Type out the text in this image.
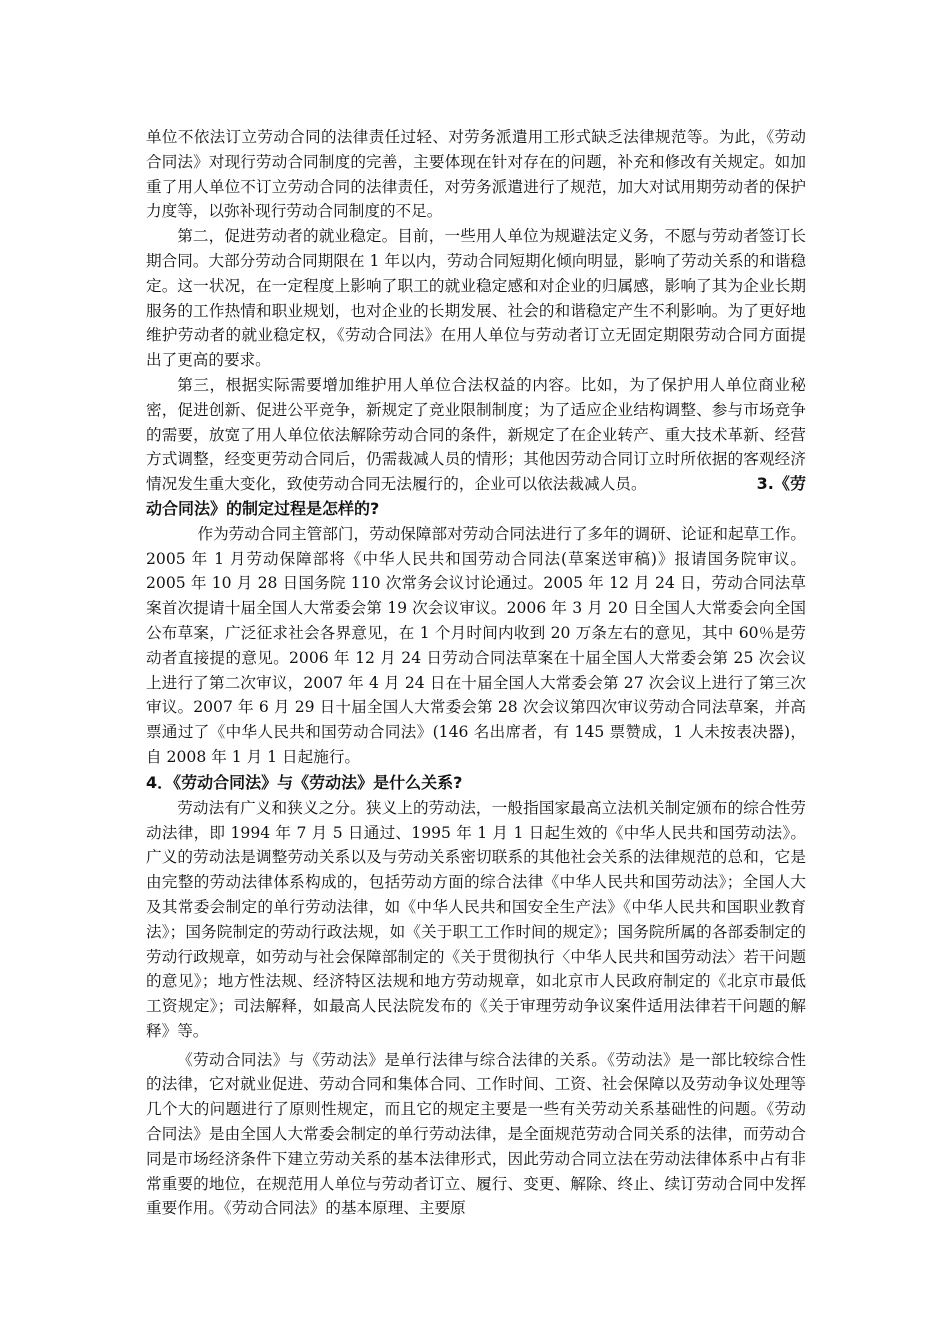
单位不依法订立劳动合同的法律责任过轻、对劳务派遣用工形式缺乏法律规范等。为此，《劳动合同法》对现行劳动合同制度的完善，主要体现在针对存在的问题，补充和修改有关规定。如加重了用人单位不订立劳动合同的法律责任，对劳务派遣进行了规范，加大对试用期劳动者的保护力度等，以弥补现行劳动合同制度的不足。

第二，促进劳动者的就业稳定。目前，一些用人单位为规避法定义务，不愿与劳动者签订长期合同。大部分劳动合同期限在 1 年以内，劳动合同短期化倾向明显，影响了劳动关系的和谐稳定。这一状况，在一定程度上影响了职工的就业稳定感和对企业的归属感，影响了其为企业长期服务的工作热情和职业规划，也对企业的长期发展、社会的和谐稳定产生不利影响。为了更好地维护劳动者的就业稳定权，《劳动合同法》在用人单位与劳动者订立无固定期限劳动合同方面提出了更高的要求。

第三，根据实际需要增加维护用人单位合法权益的内容。比如，为了保护用人单位商业秘密，促进创新、促进公平竞争，新规定了竞业限制制度；为了适应企业结构调整、参与市场竞争的需要，放宽了用人单位依法解除劳动合同的条件，新规定了在企业转产、重大技术革新、经营方式调整，经变更劳动合同后，仍需裁减人员的情形；其他因劳动合同订立时所依据的客观经济情况发生重大变化，致使劳动合同无法履行的，企业可以依法裁减人员。	3.《劳动合同法》的制定过程是怎样的?

作为劳动合同主管部门，劳动保障部对劳动合同法进行了多年的调研、论证和起草工作。2005 年 1 月劳动保障部将《中华人民共和国劳动合同法(草案送审稿)》报请国务院审议。2005 年 10 月 28 日国务院 110 次常务会议讨论通过。2005 年 12 月 24 日，劳动合同法草案首次提请十届全国人大常委会第 19 次会议审议。2006 年 3 月 20 日全国人大常委会向全国公布草案，广泛征求社会各界意见，在 1 个月时间内收到 20 万条左右的意见，其中 60％是劳动者直接提的意见。2006 年 12 月 24 日劳动合同法草案在十届全国人大常委会第 25 次会议上进行了第二次审议，2007 年 4 月 24 日在十届全国人大常委会第 27 次会议上进行了第三次审议。2007 年 6 月 29 日十届全国人大常委会第 28 次会议第四次审议劳动合同法草案，并高票通过了《中华人民共和国劳动合同法》(146 名出席者，有 145 票赞成，1 人未按表决器)，自 2008 年 1 月 1 日起施行。

4．《劳动合同法》与《劳动法》是什么关系?

劳动法有广义和狭义之分。狭义上的劳动法，一般指国家最高立法机关制定颁布的综合性劳动法律，即 1994 年 7 月 5 日通过、1995 年 1 月 1 日起生效的《中华人民共和国劳动法》。广义的劳动法是调整劳动关系以及与劳动关系密切联系的其他社会关系的法律规范的总和，它是由完整的劳动法律体系构成的，包括劳动方面的综合法律《中华人民共和国劳动法》；全国人大及其常委会制定的单行劳动法律，如《中华人民共和国安全生产法》《中华人民共和国职业教育法》；国务院制定的劳动行政法规，如《关于职工工作时间的规定》；国务院所属的各部委制定的劳动行政规章，如劳动与社会保障部制定的《关于贯彻执行〈中华人民共和国劳动法〉若干问题的意见》；地方性法规、经济特区法规和地方劳动规章，如北京市人民政府制定的《北京市最低工资规定》；司法解释，如最高人民法院发布的《关于审理劳动争议案件适用法律若干问题的解释》等。

《劳动合同法》与《劳动法》是单行法律与综合法律的关系。《劳动法》是一部比较综合性的法律，它对就业促进、劳动合同和集体合同、工作时间、工资、社会保障以及劳动争议处理等几个大的问题进行了原则性规定，而且它的规定主要是一些有关劳动关系基础性的问题。《劳动合同法》是由全国人大常委会制定的单行劳动法律，是全面规范劳动合同关系的法律，而劳动合同是市场经济条件下建立劳动关系的基本法律形式，因此劳动合同立法在劳动法律体系中占有非常重要的地位，在规范用人单位与劳动者订立、履行、变更、解除、终止、续订劳动合同中发挥重要作用。《劳动合同法》的基本原理、主要原
